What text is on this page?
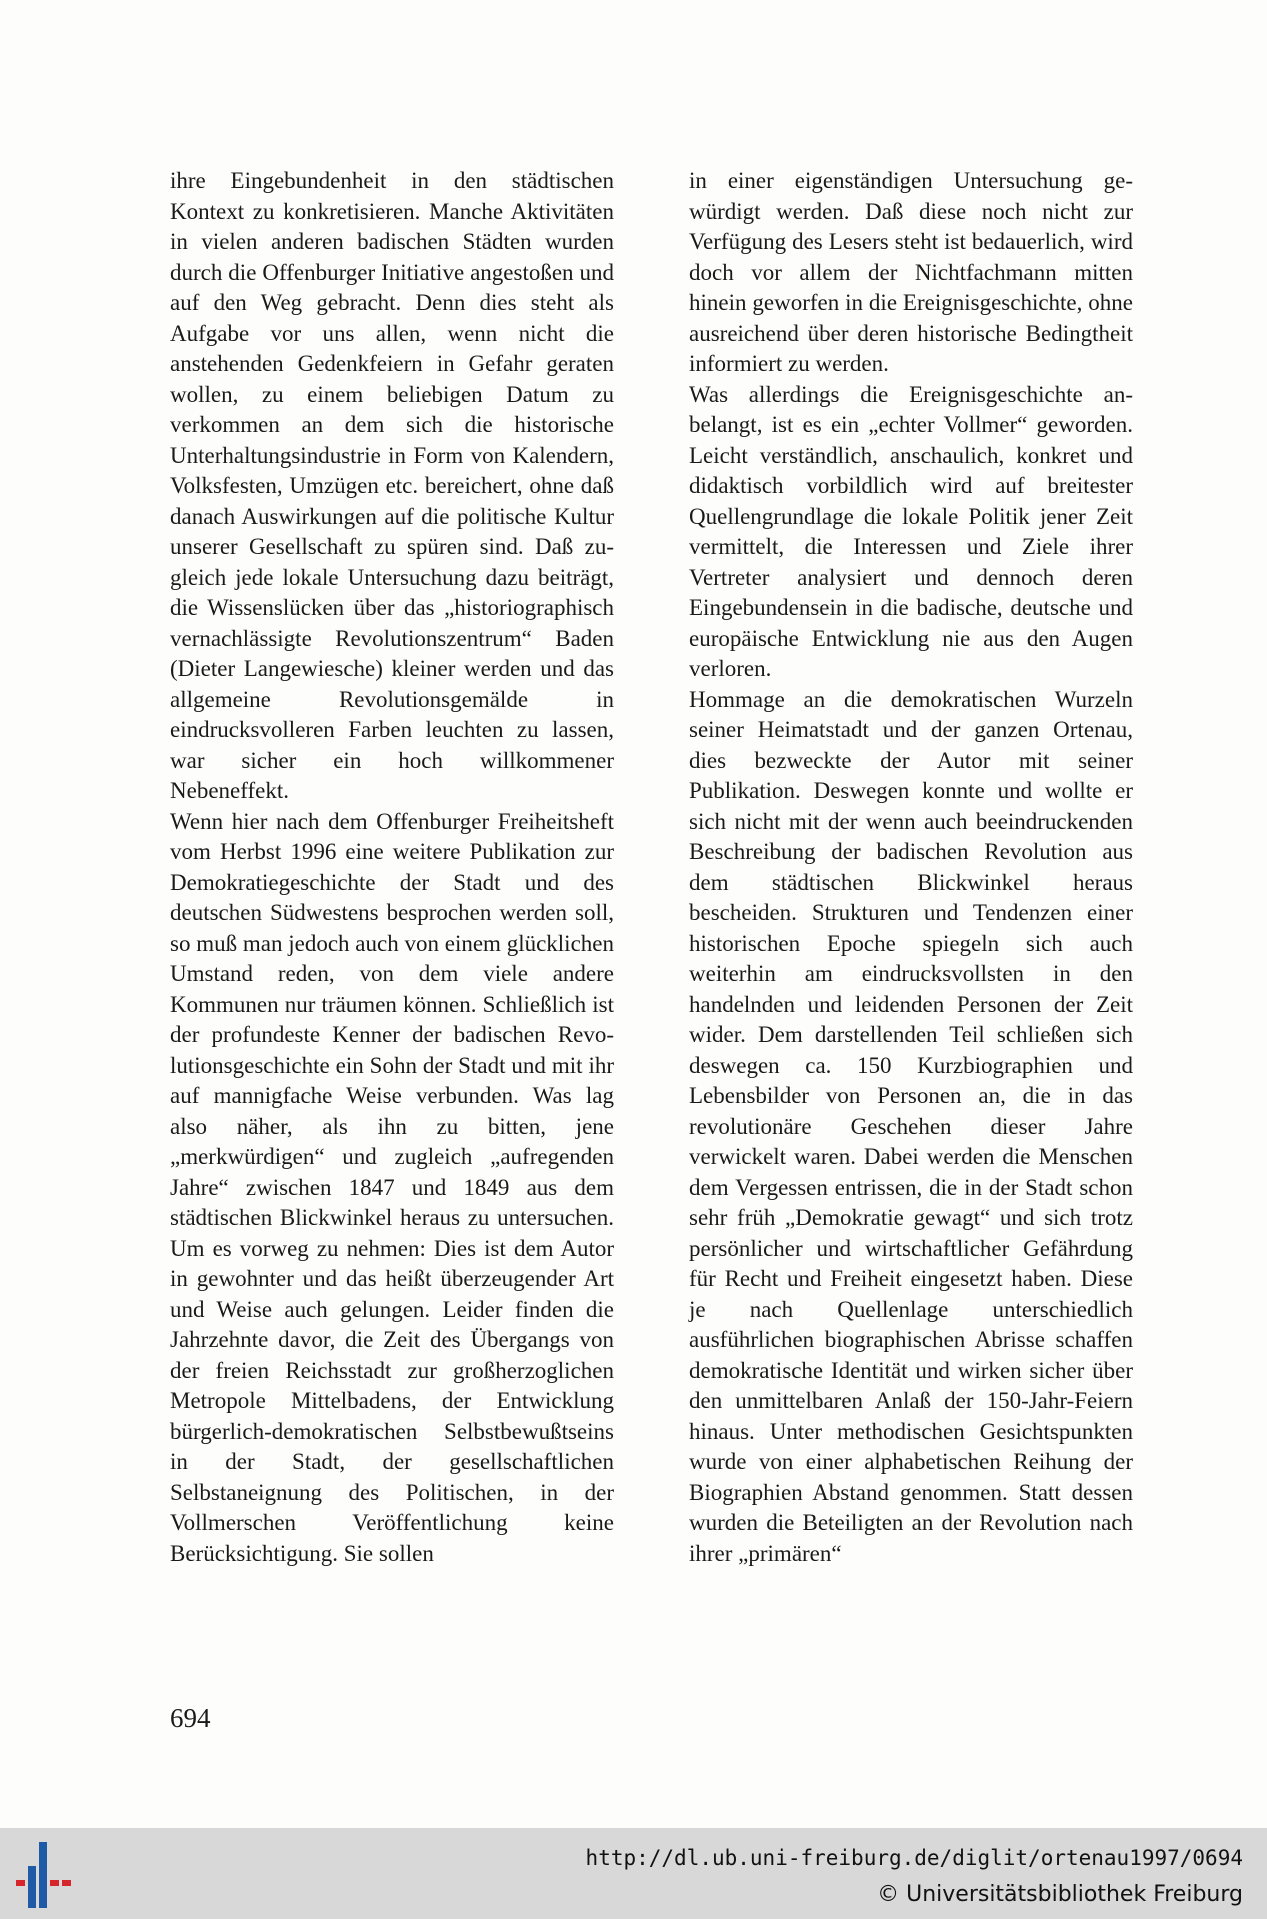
ihre Eingebundenheit in den städtischen Kontext zu konkretisieren. Manche Aktivitäten in vielen anderen badischen Städten wurden durch die Offenburger Initiative angestoßen und auf den Weg gebracht. Denn dies steht als Aufgabe vor uns allen, wenn nicht die anstehenden Gedenkfeiern in Gefahr geraten wollen, zu einem beliebigen Datum zu verkommen an dem sich die historische Unterhaltungsindustrie in Form von Kalendern, Volksfesten, Umzügen etc. bereichert, ohne daß danach Auswirkungen auf die politische Kultur unserer Gesellschaft zu spüren sind. Daß zugleich jede lokale Untersuchung dazu beiträgt, die Wissenslücken über das „historiographisch vernachlässigte Revolutionszentrum“ Baden (Dieter Langewiesche) kleiner werden und das allgemeine Revolutionsgemälde in eindrucksvolleren Farben leuchten zu lassen, war sicher ein hoch willkommener Nebeneffekt.

Wenn hier nach dem Offenburger Freiheitsheft vom Herbst 1996 eine weitere Publikation zur Demokratiegeschichte der Stadt und des deutschen Südwestens besprochen werden soll, so muß man jedoch auch von einem glücklichen Umstand reden, von dem viele andere Kommunen nur träumen können. Schließlich ist der profundeste Kenner der badischen Revolutionsgeschichte ein Sohn der Stadt und mit ihr auf mannigfache Weise verbunden. Was lag also näher, als ihn zu bitten, jene „merkwürdigen“ und zugleich „aufregenden Jahre“ zwischen 1847 und 1849 aus dem städtischen Blickwinkel heraus zu untersuchen. Um es vorweg zu nehmen: Dies ist dem Autor in gewohnter und das heißt überzeugender Art und Weise auch gelungen. Leider finden die Jahrzehnte davor, die Zeit des Übergangs von der freien Reichsstadt zur großherzoglichen Metropole Mittelbadens, der Entwicklung bürgerlich-demokratischen Selbstbewußtseins in der Stadt, der gesellschaftlichen Selbstaneignung des Politischen, in der Vollmerschen Veröffentlichung keine Berücksichtigung. Sie sollen

in einer eigenständigen Untersuchung gewürdigt werden. Daß diese noch nicht zur Verfügung des Lesers steht ist bedauerlich, wird doch vor allem der Nichtfachmann mitten hinein geworfen in die Ereignisgeschichte, ohne ausreichend über deren historische Bedingtheit informiert zu werden.

Was allerdings die Ereignisgeschichte anbelangt, ist es ein „echter Vollmer“ geworden. Leicht verständlich, anschaulich, konkret und didaktisch vorbildlich wird auf breitester Quellengrundlage die lokale Politik jener Zeit vermittelt, die Interessen und Ziele ihrer Vertreter analysiert und dennoch deren Eingebundensein in die badische, deutsche und europäische Entwicklung nie aus den Augen verloren.

Hommage an die demokratischen Wurzeln seiner Heimatstadt und der ganzen Ortenau, dies bezweckte der Autor mit seiner Publikation. Deswegen konnte und wollte er sich nicht mit der wenn auch beeindruckenden Beschreibung der badischen Revolution aus dem städtischen Blickwinkel heraus bescheiden. Strukturen und Tendenzen einer historischen Epoche spiegeln sich auch weiterhin am eindrucksvollsten in den handelnden und leidenden Personen der Zeit wider. Dem darstellenden Teil schließen sich deswegen ca. 150 Kurzbiographien und Lebensbilder von Personen an, die in das revolutionäre Geschehen dieser Jahre verwickelt waren. Dabei werden die Menschen dem Vergessen entrissen, die in der Stadt schon sehr früh „Demokratie gewagt“ und sich trotz persönlicher und wirtschaftlicher Gefährdung für Recht und Freiheit eingesetzt haben. Diese je nach Quellenlage unterschiedlich ausführlichen biographischen Abrisse schaffen demokratische Identität und wirken sicher über den unmittelbaren Anlaß der 150-Jahr-Feiern hinaus. Unter methodischen Gesichtspunkten wurde von einer alphabetischen Reihung der Biographien Abstand genommen. Statt dessen wurden die Beteiligten an der Revolution nach ihrer „primären“

694
http://dl.ub.uni-freiburg.de/diglit/ortenau1997/0694
© Universitätsbibliothek Freiburg
